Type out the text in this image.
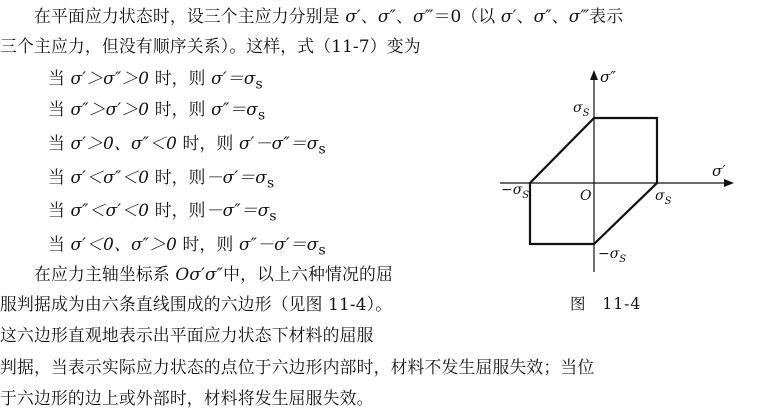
在平面应力状态时，设三个主应力分别是 σ′、σ″、σ‴＝0（以 σ′、σ″、σ‴表示
三个主应力，但没有顺序关系）。这样，式（11-7）变为
当 σ′＞σ″＞0 时，则 $\sigma'=\sigma_s$
当 σ″＞σ′＞0 时，则 $\sigma''=\sigma_s$
当 σ′＞0、σ″＜0 时，则 $\sigma'-\sigma''=\sigma_s$
当 σ′＜σ″＜0 时，则$-\sigma'=\sigma_s$
当 σ″＜σ′＜0 时，则$-\sigma''=\sigma_s$
当 σ′＜0、σ″＞0 时，则 $\sigma''-\sigma'=\sigma_s$
在应力主轴坐标系 Oσ′σ″中，以上六种情况的屈
服判据成为由六条直线围成的六边形（见图 11-4）。
这六边形直观地表示出平面应力状态下材料的屈服
判据，当表示实际应力状态的点位于六边形内部时，材料不发生屈服失效；当位
于六边形的边上或外部时，材料将发生屈服失效。
σ″
σ′
O
$\sigma_S$
$\sigma_S$
$-\sigma_S$
$-\sigma_S$
图 11-4
